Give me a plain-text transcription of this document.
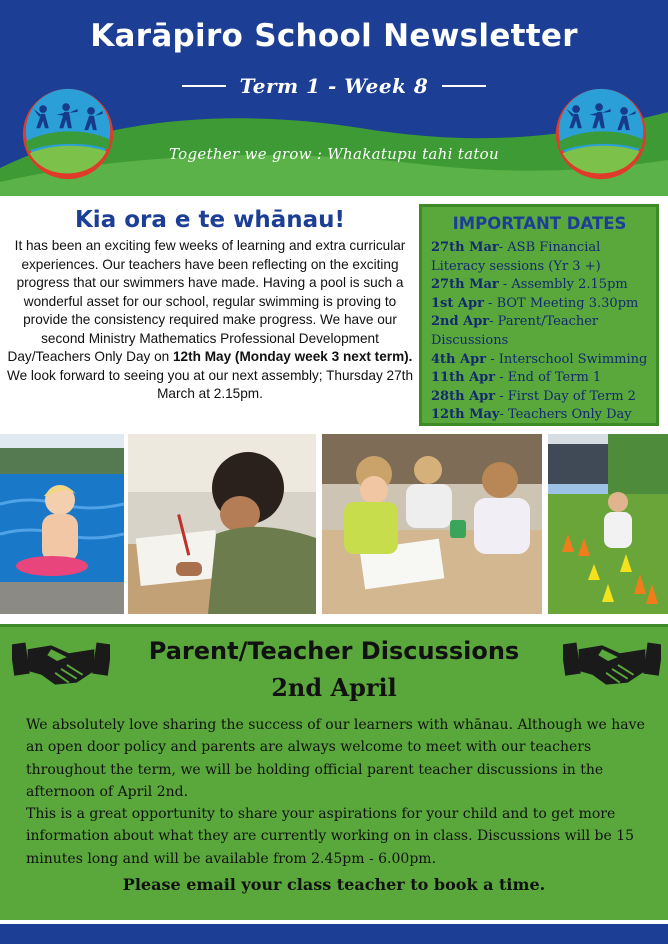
Karāpiro School Newsletter
Term 1 - Week 8
Together we grow : Whakatupu tahi tatou
Kia ora e te whānau!

It has been an exciting few weeks of learning and extra curricular experiences. Our teachers have been reflecting on the exciting progress that our swimmers have made. Having a pool is such a wonderful asset for our school, regular swimming is proving to provide the consistency required make progress. We have our second Ministry Mathematics Professional Development Day/Teachers Only Day on 12th May (Monday week 3 next term).

We look forward to seeing you at our next assembly; Thursday 27th March at 2.15pm.

IMPORTANT DATES
27th Mar- ASB Financial Literacy sessions (Yr 3 +)
27th Mar - Assembly 2.15pm
1st Apr - BOT Meeting 3.30pm
2nd Apr- Parent/Teacher Discussions
4th Apr - Interschool Swimming
11th Apr - End of Term 1
28th Apr - First Day of Term 2
12th May- Teachers Only Day
Parent/Teacher Discussions
2nd April

We absolutely love sharing the success of our learners with whānau. Although we have an open door policy and parents are always welcome to meet with our teachers throughout the term, we will be holding official parent teacher discussions in the afternoon of April 2nd.

This is a great opportunity to share your aspirations for your child and to get more information about what they are currently working on in class. Discussions will be 15 minutes long and will be available from 2.45pm - 6.00pm.

Please email your class teacher to book a time.
